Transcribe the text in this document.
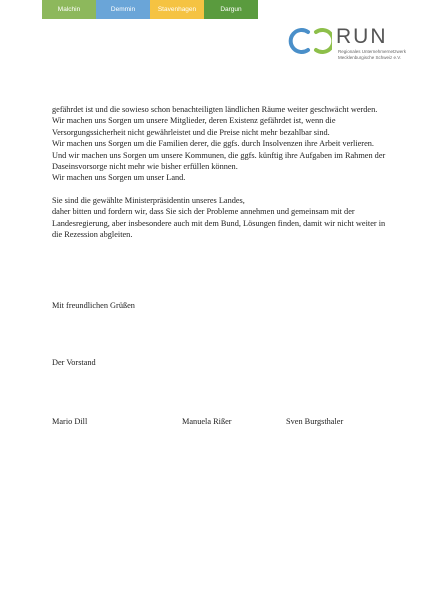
Malchin	Demmin	Stavenhagen	Dargun
RUN
Regionales Unternehmernetzwerk
Mecklenburgische Schweiz e.V.

gefährdet ist und die sowieso schon benachteiligten ländlichen Räume weiter geschwächt werden.

Wir machen uns Sorgen um unsere Mitglieder, deren Existenz gefährdet ist, wenn die Versorgungssicherheit nicht gewährleistet und die Preise nicht mehr bezahlbar sind.

Wir machen uns Sorgen um die Familien derer, die ggfs. durch Insolvenzen ihre Arbeit verlieren.

Und wir machen uns Sorgen um unsere Kommunen, die ggfs. künftig ihre Aufgaben im Rahmen der Daseinsvorsorge nicht mehr wie bisher erfüllen können.

Wir machen uns Sorgen um unser Land.

Sie sind die gewählte Ministerpräsidentin unseres Landes,

daher bitten und fordern wir, dass Sie sich der Probleme annehmen und gemeinsam mit der Landesregierung, aber insbesondere auch mit dem Bund, Lösungen finden, damit wir nicht weiter in die Rezession abgleiten.

Mit freundlichen Grüßen
Der Vorstand
Mario Dill	Manuela Rißer	Sven Burgsthaler
